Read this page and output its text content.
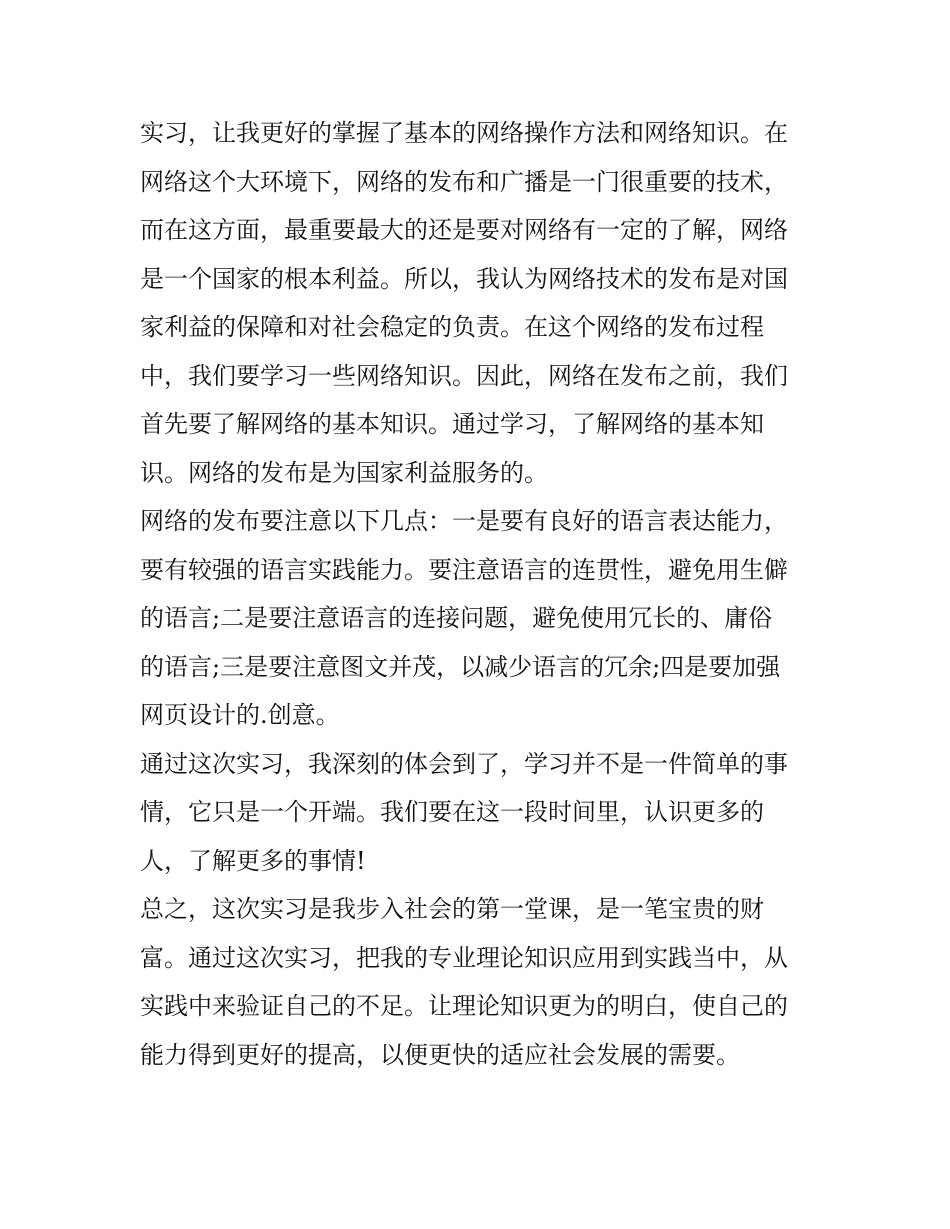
实习，让我更好的掌握了基本的网络操作方法和网络知识。在
网络这个大环境下，网络的发布和广播是一门很重要的技术，
而在这方面，最重要最大的还是要对网络有一定的了解，网络
是一个国家的根本利益。所以，我认为网络技术的发布是对国
家利益的保障和对社会稳定的负责。在这个网络的发布过程
中，我们要学习一些网络知识。因此，网络在发布之前，我们
首先要了解网络的基本知识。通过学习，了解网络的基本知
识。网络的发布是为国家利益服务的。
网络的发布要注意以下几点：一是要有良好的语言表达能力，
要有较强的语言实践能力。要注意语言的连贯性，避免用生僻
的语言;二是要注意语言的连接问题，避免使用冗长的、庸俗
的语言;三是要注意图文并茂，以减少语言的冗余;四是要加强
网页设计的.创意。
通过这次实习，我深刻的体会到了，学习并不是一件简单的事
情，它只是一个开端。我们要在这一段时间里，认识更多的
人，了解更多的事情!
总之，这次实习是我步入社会的第一堂课，是一笔宝贵的财
富。通过这次实习，把我的专业理论知识应用到实践当中，从
实践中来验证自己的不足。让理论知识更为的明白，使自己的
能力得到更好的提高，以便更快的适应社会发展的需要。
